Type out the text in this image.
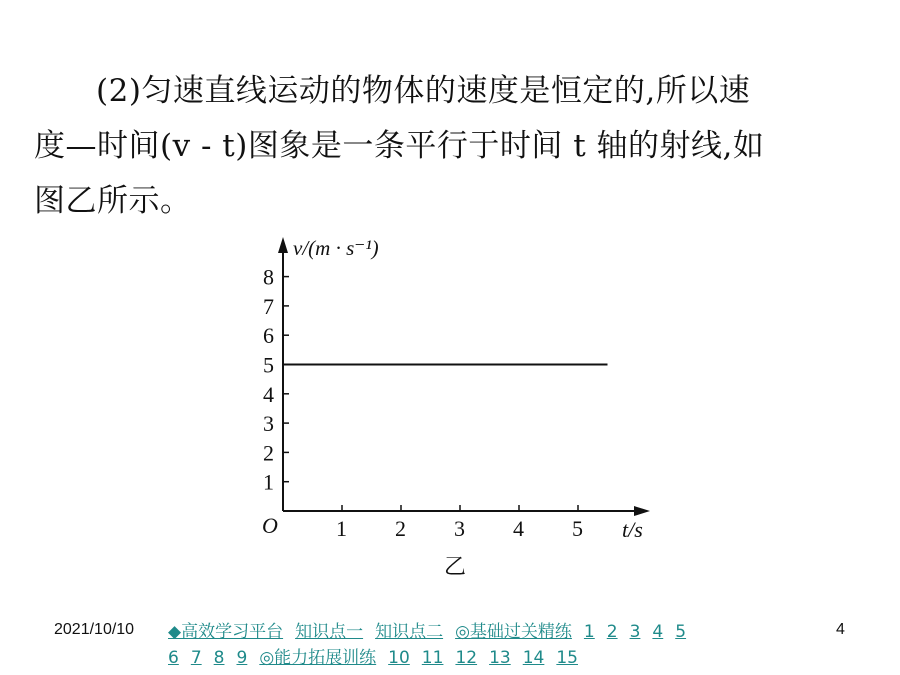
(2)匀速直线运动的物体的速度是恒定的,所以速
度—时间(v - t)图象是一条平行于时间 t 轴的射线,如
图乙所示。
1
2
3
4
5
6
7
8
1 2 3 4 5
v/(m · s⁻¹)
t/s
O
乙
2021/10/10 ◆高效学习平台 知识点一 知识点二 ◎基础过关精练 1 2 3 4 5
6 7 8 9 ◎能力拓展训练 10 11 12 13 14 15
4
